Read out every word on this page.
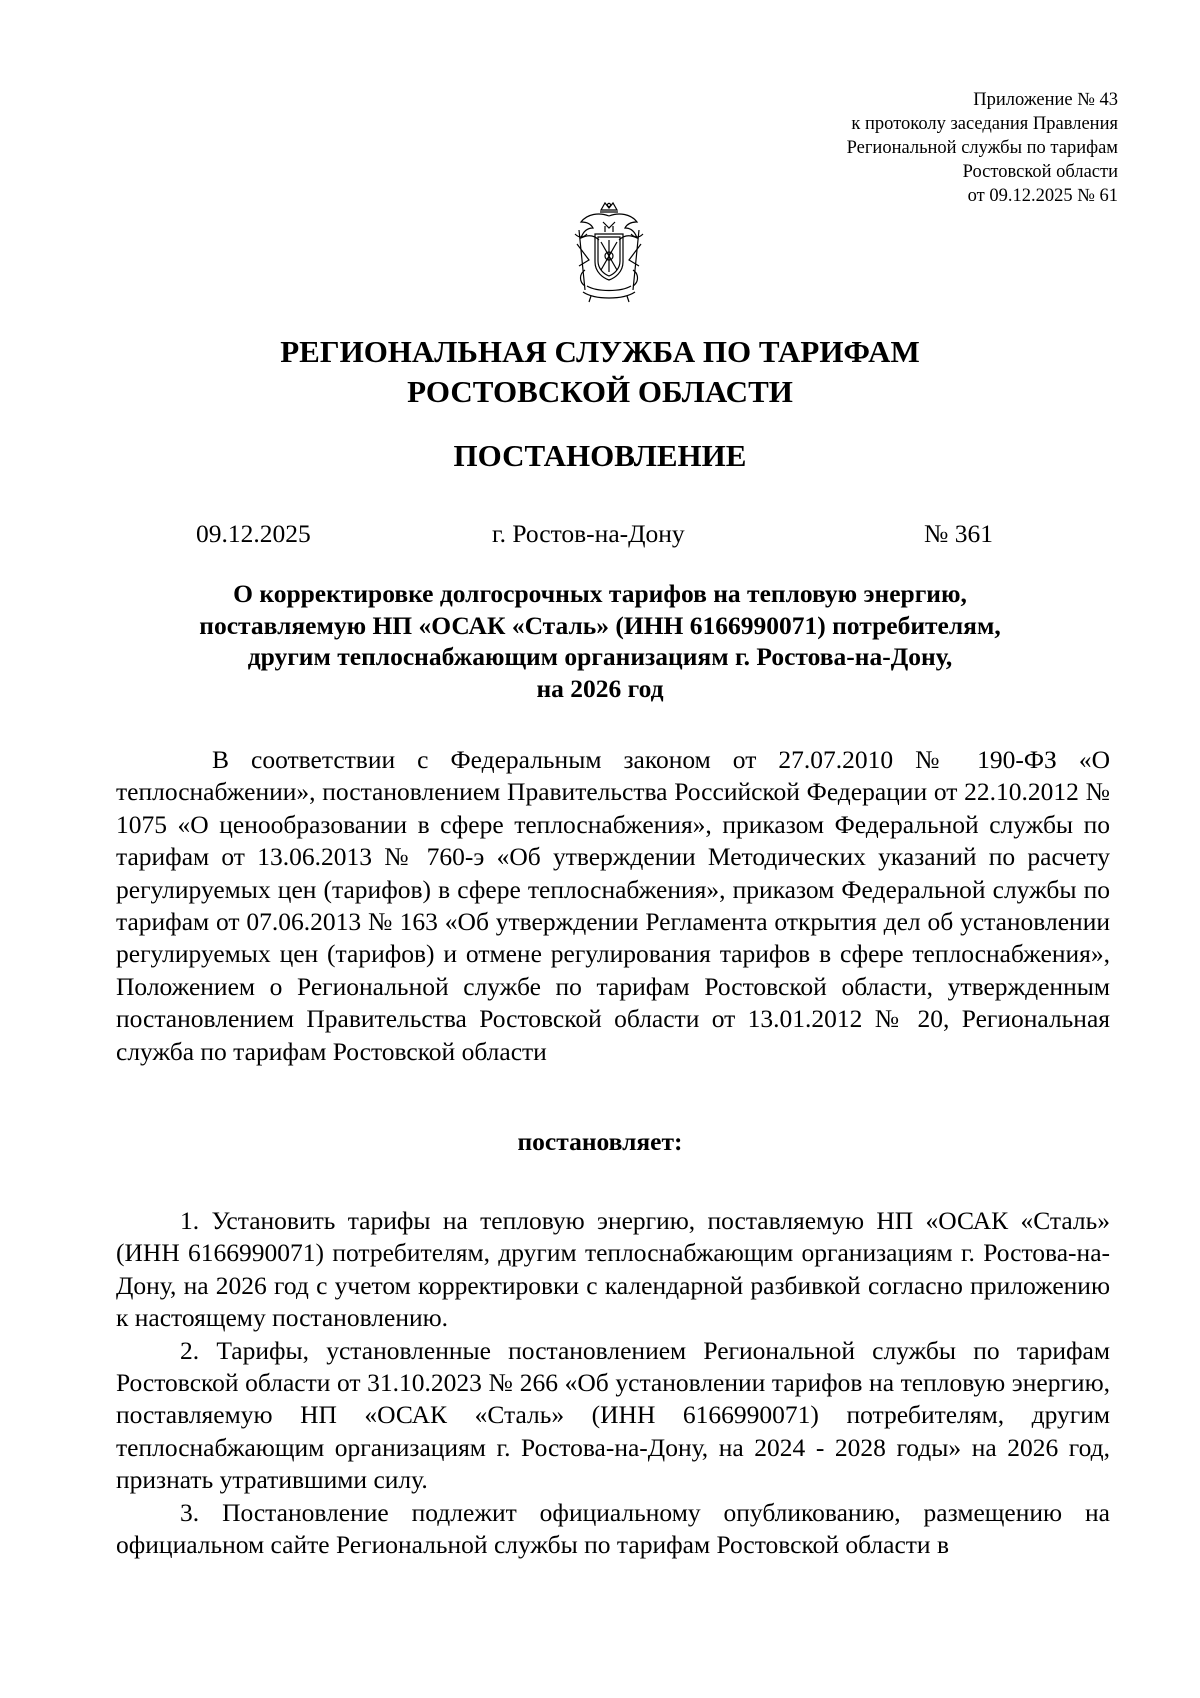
Приложение № 43
к протоколу заседания Правления
Региональной службы по тарифам
Ростовской области
от 09.12.2025 № 61
РЕГИОНАЛЬНАЯ СЛУЖБА ПО ТАРИФАМ
РОСТОВСКОЙ ОБЛАСТИ
ПОСТАНОВЛЕНИЕ
09.12.2025	г. Ростов-на-Дону	№ 361
О корректировке долгосрочных тарифов на тепловую энергию,
поставляемую НП «ОСАК «Сталь» (ИНН 6166990071) потребителям,
другим теплоснабжающим организациям г. Ростова-на-Дону,
на 2026 год

В соответствии с Федеральным законом от 27.07.2010 № 190-ФЗ «О теплоснабжении», постановлением Правительства Российской Федерации от 22.10.2012 № 1075 «О ценообразовании в сфере теплоснабжения», приказом Федеральной службы по тарифам от 13.06.2013 № 760-э «Об утверждении Методических указаний по расчету регулируемых цен (тарифов) в сфере теплоснабжения», приказом Федеральной службы по тарифам от 07.06.2013 № 163 «Об утверждении Регламента открытия дел об установлении регулируемых цен (тарифов) и отмене регулирования тарифов в сфере теплоснабжения», Положением о Региональной службе по тарифам Ростовской области, утвержденным постановлением Правительства Ростовской области от 13.01.2012 № 20, Региональная служба по тарифам Ростовской области

постановляет:

1. Установить тарифы на тепловую энергию, поставляемую НП «ОСАК «Сталь» (ИНН 6166990071) потребителям, другим теплоснабжающим организациям г. Ростова-на-Дону, на 2026 год с учетом корректировки с календарной разбивкой согласно приложению к настоящему постановлению.

2. Тарифы, установленные постановлением Региональной службы по тарифам Ростовской области от 31.10.2023 № 266 «Об установлении тарифов на тепловую энергию, поставляемую НП «ОСАК «Сталь» (ИНН 6166990071) потребителям, другим теплоснабжающим организациям г. Ростова-на-Дону, на 2024 - 2028 годы» на 2026 год, признать утратившими силу.

3. Постановление подлежит официальному опубликованию, размещению на официальном сайте Региональной службы по тарифам Ростовской области в
